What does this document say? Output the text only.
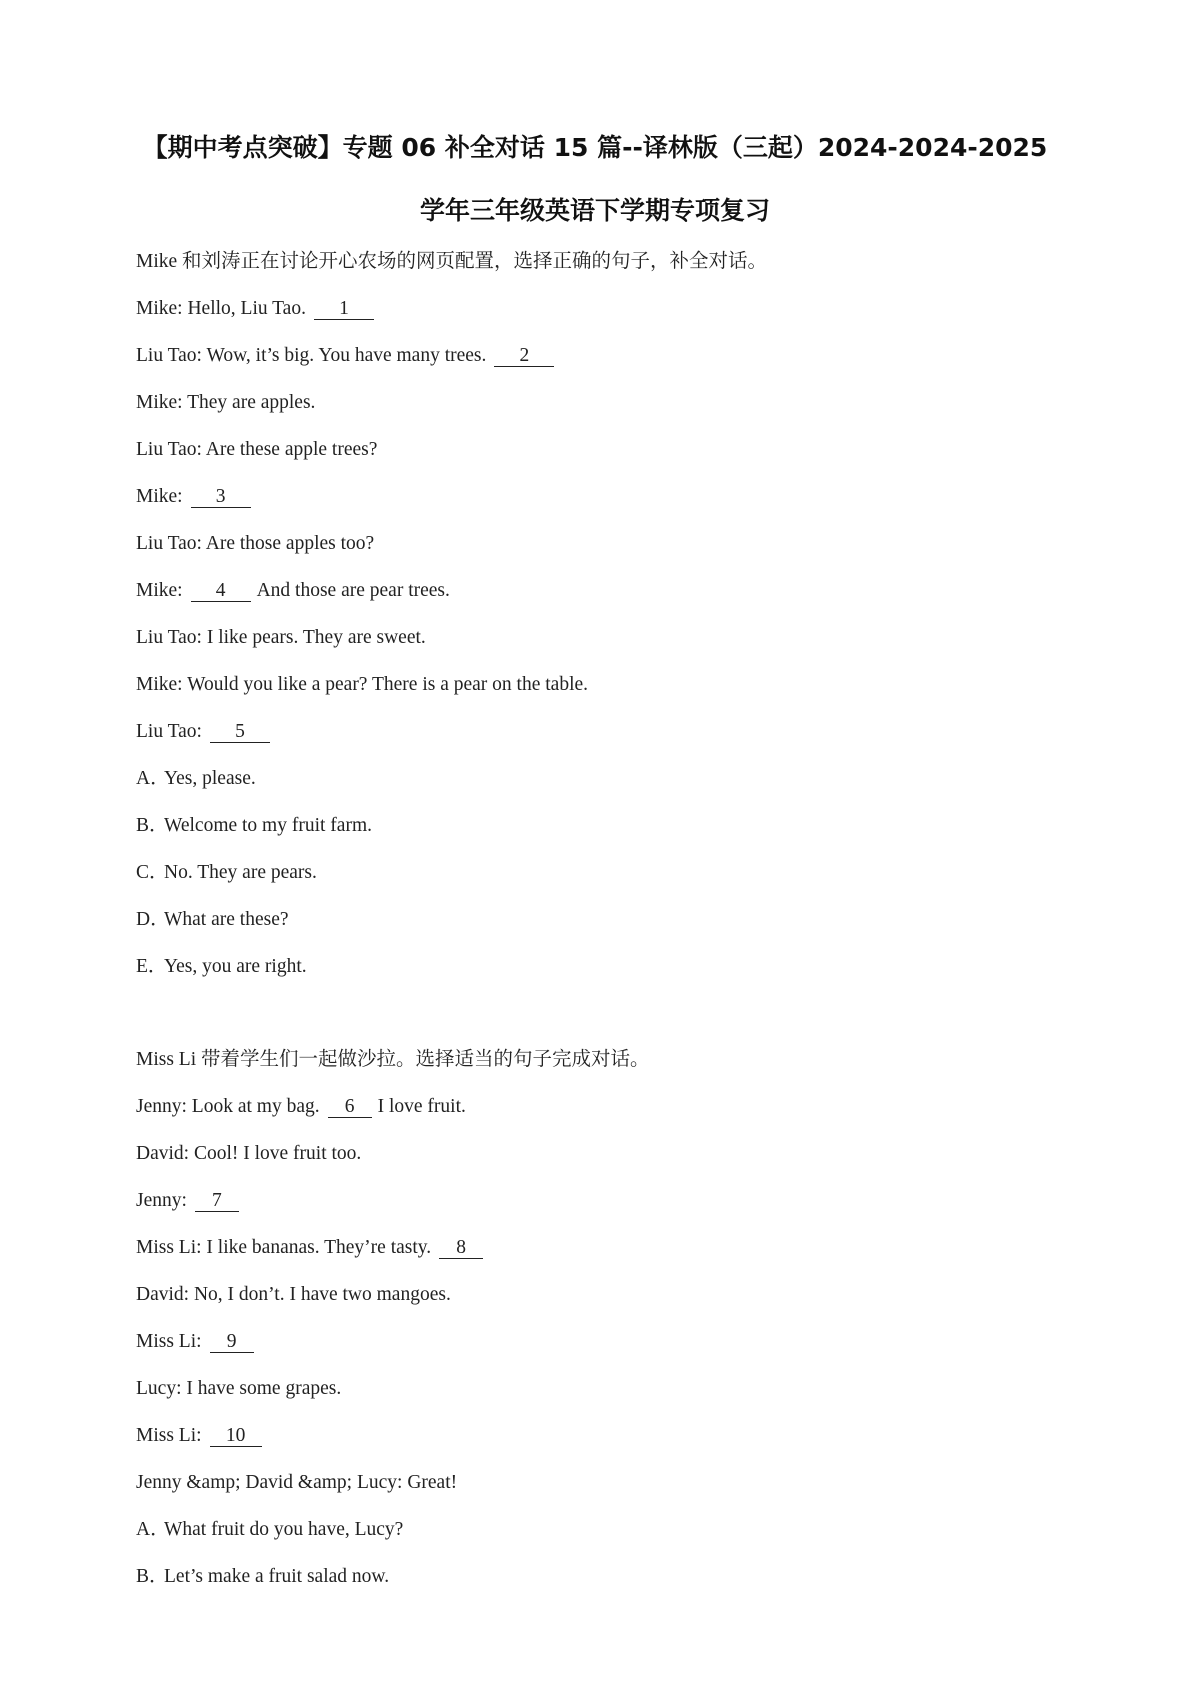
【期中考点突破】专题 06 补全对话 15 篇--译林版（三起）2024-2024-2025
学年三年级英语下学期专项复习
Mike 和刘涛正在讨论开心农场的网页配置，选择正确的句子，补全对话。
Mike: Hello, Liu Tao. 1
Liu Tao: Wow, it’s big. You have many trees. 2
Mike: They are apples.
Liu Tao: Are these apple trees?
Mike: 3
Liu Tao: Are those apples too?
Mike: 4 And those are pear trees.
Liu Tao: I like pears. They are sweet.
Mike: Would you like a pear? There is a pear on the table.
Liu Tao: 5
A．Yes, please.
B．Welcome to my fruit farm.
C．No. They are pears.
D．What are these?
E．Yes, you are right.
Miss Li 带着学生们一起做沙拉。选择适当的句子完成对话。
Jenny: Look at my bag. 6 I love fruit.
David: Cool! I love fruit too.
Jenny: 7
Miss Li: I like bananas. They’re tasty. 8
David: No, I don’t. I have two mangoes.
Miss Li: 9
Lucy: I have some grapes.
Miss Li: 10
Jenny &amp; David &amp; Lucy: Great!
A．What fruit do you have, Lucy?
B．Let’s make a fruit salad now.
